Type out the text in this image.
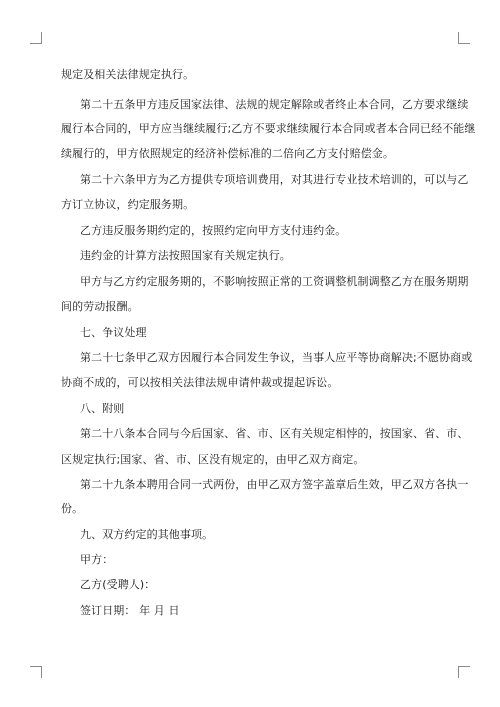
规定及相关法律规定执行。
第二十五条甲方违反国家法律、法规的规定解除或者终止本合同，乙方要求继续
履行本合同的，甲方应当继续履行;乙方不要求继续履行本合同或者本合同已经不能继
续履行的，甲方依照规定的经济补偿标准的二倍向乙方支付赔偿金。
第二十六条甲方为乙方提供专项培训费用，对其进行专业技术培训的，可以与乙
方订立协议，约定服务期。
乙方违反服务期约定的，按照约定向甲方支付违约金。
违约金的计算方法按照国家有关规定执行。
甲方与乙方约定服务期的，不影响按照正常的工资调整机制调整乙方在服务期期
间的劳动报酬。
七、争议处理
第二十七条甲乙双方因履行本合同发生争议，当事人应平等协商解决;不愿协商或
协商不成的，可以按相关法律法规申请仲裁或提起诉讼。
八、附则
第二十八条本合同与今后国家、省、市、区有关规定相悖的，按国家、省、市、
区规定执行;国家、省、市、区没有规定的，由甲乙双方商定。
第二十九条本聘用合同一式两份，由甲乙双方签字盖章后生效，甲乙双方各执一
份。
九、双方约定的其他事项。
甲方：
乙方(受聘人)：
签订日期： 年 月 日
